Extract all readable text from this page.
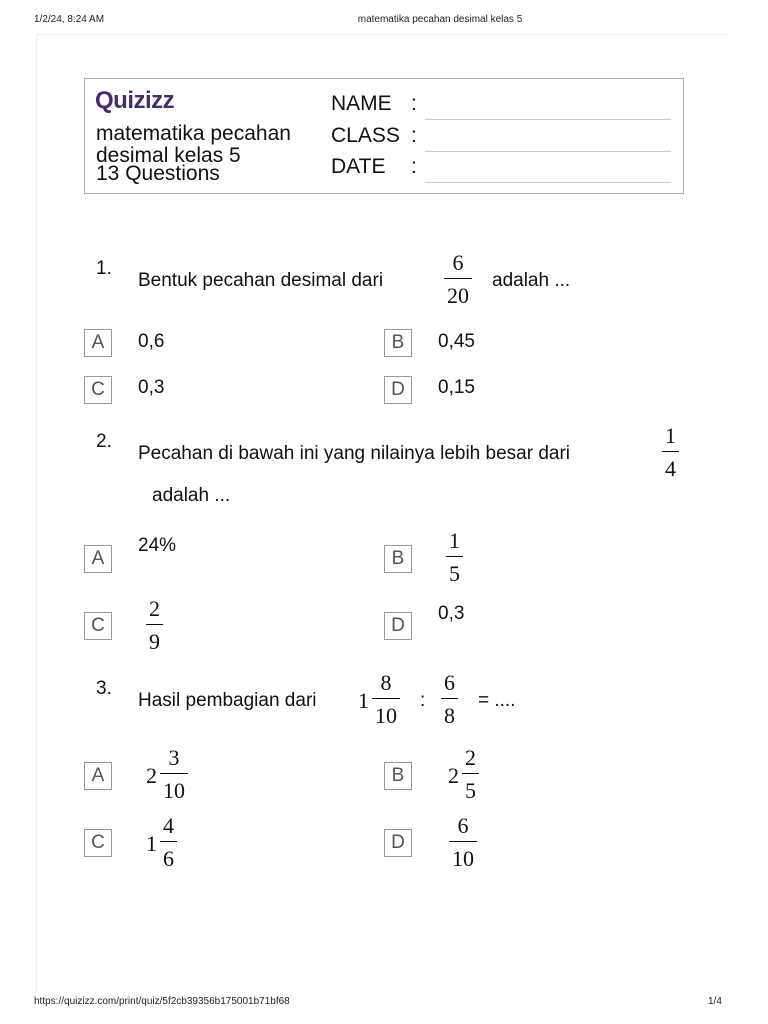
1/2/24, 8:24 AM	matematika pecahan desimal kelas 5
Quizizz
matematika pecahan
desimal kelas 5
13 Questions
NAME :
CLASS :
DATE :
1.
Bentuk pecahan desimal dari
6
20
adalah ...
A	0,6	B	0,45
C	0,3	D	0,15
2.
Pecahan di bawah ini yang nilainya lebih besar dari
1
4
adalah ...
A
24%
B
1
5
C
2
9
D
0,3
3.
Hasil pembagian dari 1
8
10
:
6
8
= ....
A	2
3
10
B	2
2
5
C	1
4
6
D
6
10
https://quizizz.com/print/quiz/5f2cb39356b175001b71bf68	1/4
